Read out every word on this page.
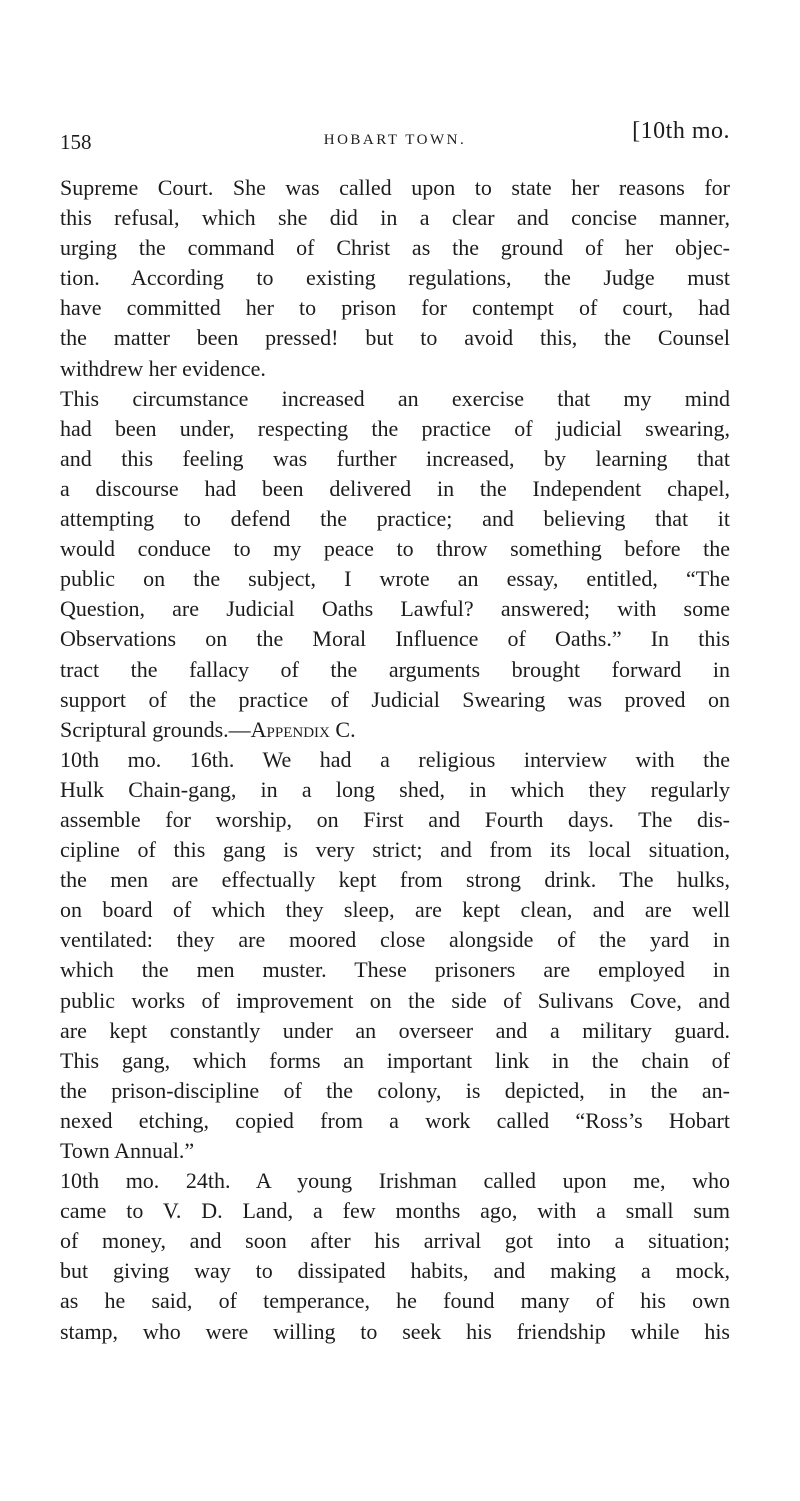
158	HOBART TOWN.	[10th mo.
Supreme Court. She was called upon to state her reasons for
this refusal, which she did in a clear and concise manner,
urging the command of Christ as the ground of her objec-
tion. According to existing regulations, the Judge must
have committed her to prison for contempt of court, had
the matter been pressed! but to avoid this, the Counsel
withdrew her evidence.
This circumstance increased an exercise that my mind
had been under, respecting the practice of judicial swearing,
and this feeling was further increased, by learning that
a discourse had been delivered in the Independent chapel,
attempting to defend the practice; and believing that it
would conduce to my peace to throw something before the
public on the subject, I wrote an essay, entitled, “The
Question, are Judicial Oaths Lawful? answered; with some
Observations on the Moral Influence of Oaths.” In this
tract the fallacy of the arguments brought forward in
support of the practice of Judicial Swearing was proved on
Scriptural grounds.—Appendix C.
10th mo. 16th. We had a religious interview with the
Hulk Chain-gang, in a long shed, in which they regularly
assemble for worship, on First and Fourth days. The dis-
cipline of this gang is very strict; and from its local situation,
the men are effectually kept from strong drink. The hulks,
on board of which they sleep, are kept clean, and are well
ventilated: they are moored close alongside of the yard in
which the men muster. These prisoners are employed in
public works of improvement on the side of Sulivans Cove, and
are kept constantly under an overseer and a military guard.
This gang, which forms an important link in the chain of
the prison-discipline of the colony, is depicted, in the an-
nexed etching, copied from a work called “Ross’s Hobart
Town Annual.”
10th mo. 24th. A young Irishman called upon me, who
came to V. D. Land, a few months ago, with a small sum
of money, and soon after his arrival got into a situation;
but giving way to dissipated habits, and making a mock,
as he said, of temperance, he found many of his own
stamp, who were willing to seek his friendship while his
